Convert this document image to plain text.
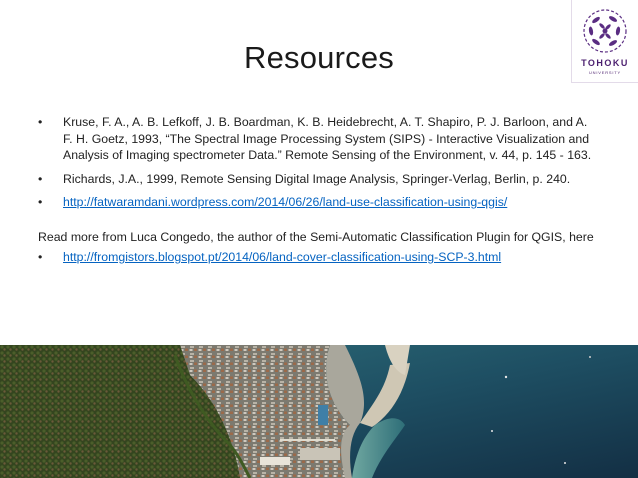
TOHOKU
UNIVERSITY
Resources
• Kruse, F. A., A. B. Lefkoff, J. B. Boardman, K. B. Heidebrecht, A. T. Shapiro, P. J. Barloon, and A. F. H. Goetz, 1993, “The Spectral Image Processing System (SIPS) - Interactive Visualization and Analysis of Imaging spectrometer Data.” Remote Sensing of the Environment, v. 44, p. 145 - 163.
• Richards, J.A., 1999, Remote Sensing Digital Image Analysis, Springer-Verlag, Berlin, p. 240.
• http://fatwaramdani.wordpress.com/2014/06/26/land-use-classification-using-qgis/
Read more from Luca Congedo, the author of the Semi-Automatic Classification Plugin for QGIS, here
• http://fromgistors.blogspot.pt/2014/06/land-cover-classification-using-SCP-3.html
